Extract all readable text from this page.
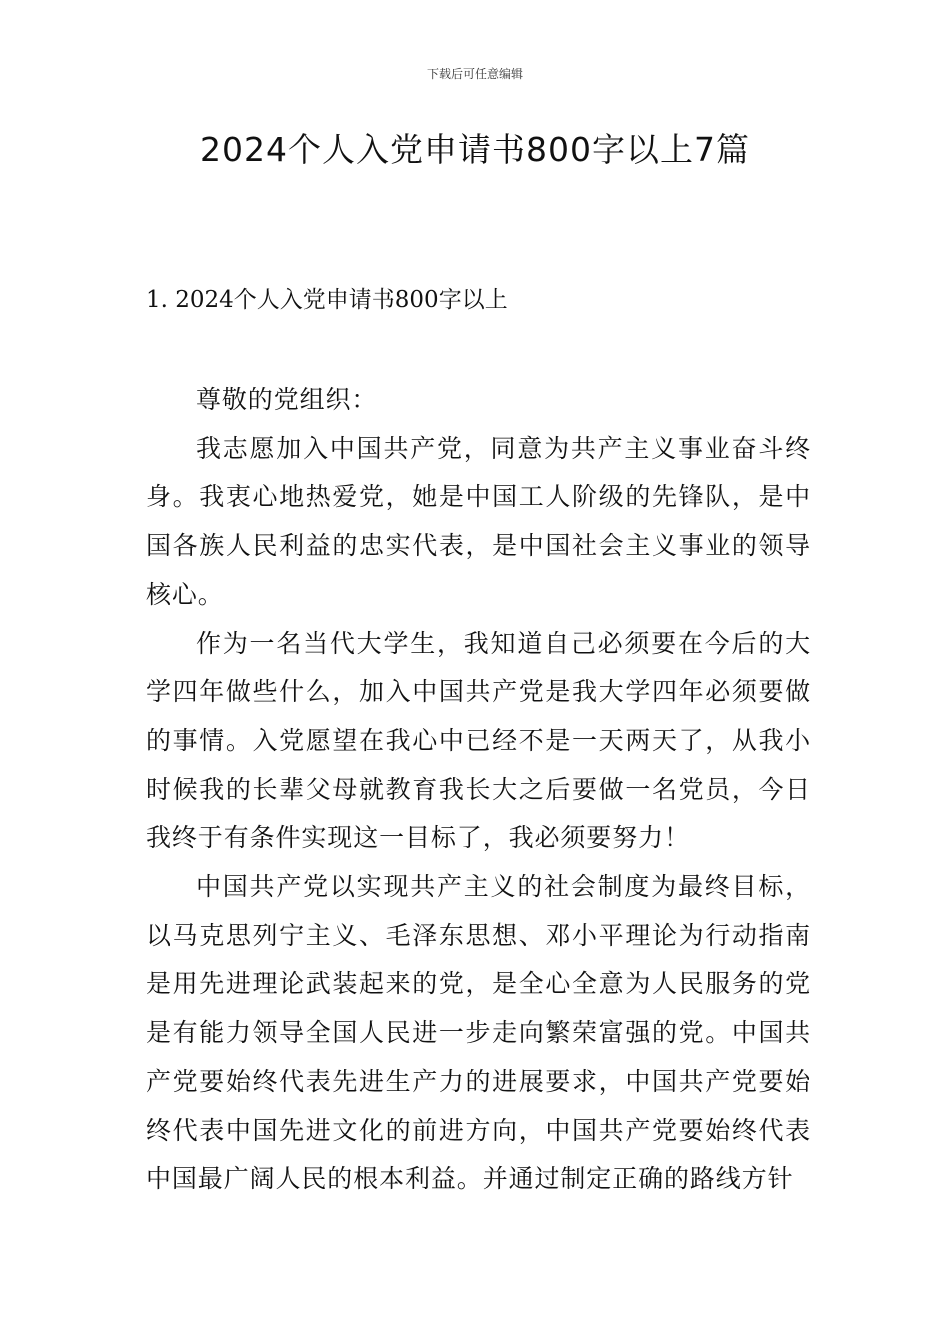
下载后可任意编辑
2024个人入党申请书800字以上7篇
1. 2024个人入党申请书800字以上

尊敬的党组织：

我志愿加入中国共产党，同意为共产主义事业奋斗终身。我衷心地热爱党，她是中国工人阶级的先锋队，是中国各族人民利益的忠实代表，是中国社会主义事业的领导核心。

作为一名当代大学生，我知道自己必须要在今后的大学四年做些什么，加入中国共产党是我大学四年必须要做的事情。入党愿望在我心中已经不是一天两天了，从我小时候我的长辈父母就教育我长大之后要做一名党员，今日我终于有条件实现这一目标了，我必须要努力！

中国共产党以实现共产主义的社会制度为最终目标，以马克思列宁主义、毛泽东思想、邓小平理论为行动指南是用先进理论武装起来的党，是全心全意为人民服务的党是有能力领导全国人民进一步走向繁荣富强的党。中国共产党要始终代表先进生产力的进展要求，中国共产党要始终代表中国先进文化的前进方向，中国共产党要始终代表中国最广阔人民的根本利益。并通过制定正确的路线方针
